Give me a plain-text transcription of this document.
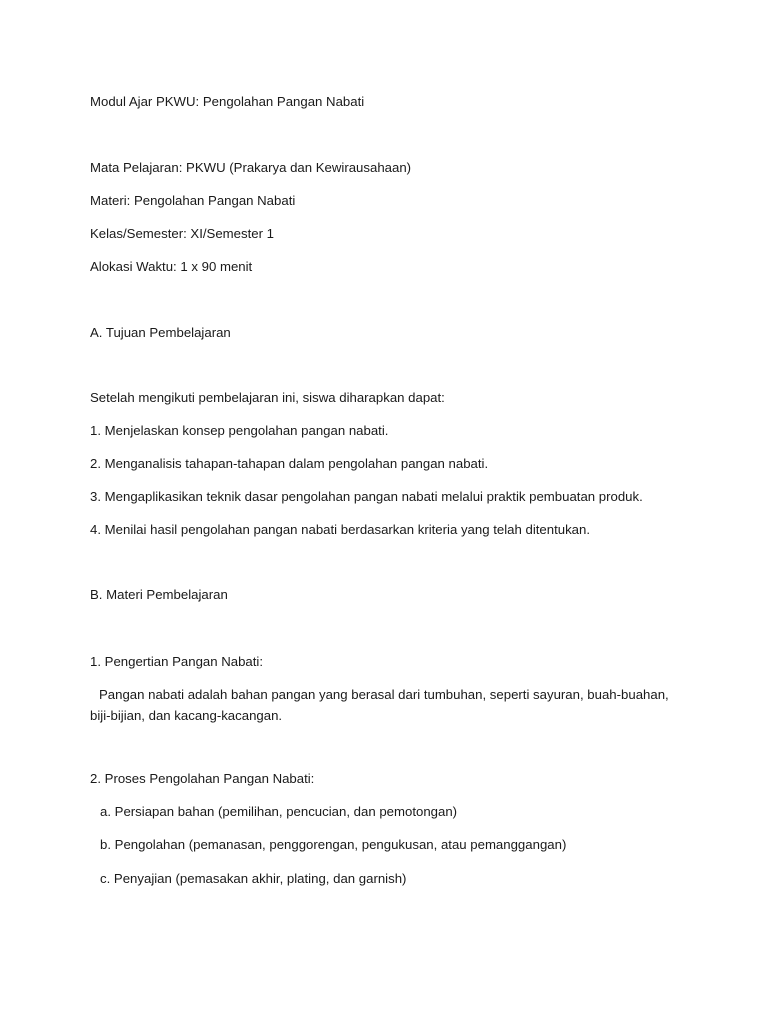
Modul Ajar PKWU: Pengolahan Pangan Nabati
Mata Pelajaran: PKWU (Prakarya dan Kewirausahaan)
Materi: Pengolahan Pangan Nabati
Kelas/Semester: XI/Semester 1
Alokasi Waktu: 1 x 90 menit
A. Tujuan Pembelajaran
Setelah mengikuti pembelajaran ini, siswa diharapkan dapat:
1. Menjelaskan konsep pengolahan pangan nabati.
2. Menganalisis tahapan-tahapan dalam pengolahan pangan nabati.
3. Mengaplikasikan teknik dasar pengolahan pangan nabati melalui praktik pembuatan produk.
4. Menilai hasil pengolahan pangan nabati berdasarkan kriteria yang telah ditentukan.
B. Materi Pembelajaran
1. Pengertian Pangan Nabati:
Pangan nabati adalah bahan pangan yang berasal dari tumbuhan, seperti sayuran, buah-buahan, biji-bijian, dan kacang-kacangan.
2. Proses Pengolahan Pangan Nabati:
a. Persiapan bahan (pemilihan, pencucian, dan pemotongan)
b. Pengolahan (pemanasan, penggorengan, pengukusan, atau pemanggangan)
c. Penyajian (pemasakan akhir, plating, dan garnish)
